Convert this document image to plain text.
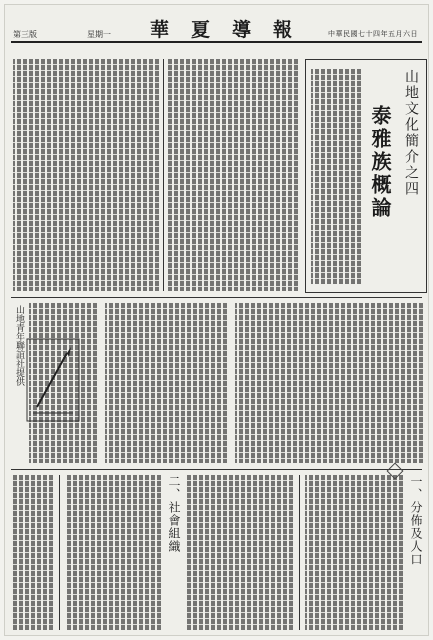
華夏導報
第三版	星期一	中華民國七十四年五月六日
山地文化簡介之四
泰雅族概論
山地青年聯誼社提供
一、分佈及人口
二、社會組織
